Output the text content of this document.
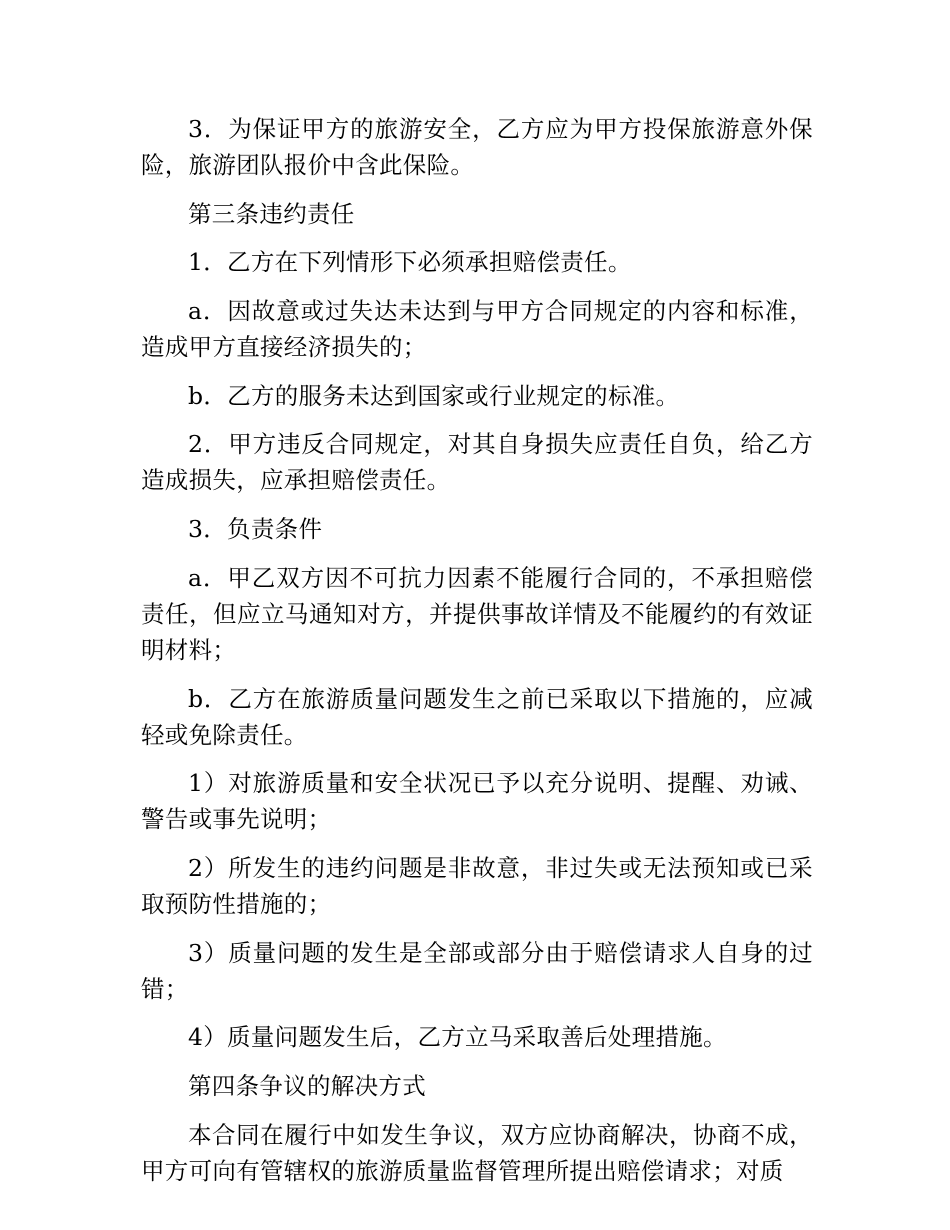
3．为保证甲方的旅游安全，乙方应为甲方投保旅游意外保险，旅游团队报价中含此保险。

第三条违约责任

1．乙方在下列情形下必须承担赔偿责任。

a．因故意或过失达未达到与甲方合同规定的内容和标准，造成甲方直接经济损失的；

b．乙方的服务未达到国家或行业规定的标准。

2．甲方违反合同规定，对其自身损失应责任自负，给乙方造成损失，应承担赔偿责任。

3．负责条件

a．甲乙双方因不可抗力因素不能履行合同的，不承担赔偿责任，但应立马通知对方，并提供事故详情及不能履约的有效证明材料；

b．乙方在旅游质量问题发生之前已采取以下措施的，应减轻或免除责任。

1）对旅游质量和安全状况已予以充分说明、提醒、劝诫、警告或事先说明；

2）所发生的违约问题是非故意，非过失或无法预知或已采取预防性措施的；

3）质量问题的发生是全部或部分由于赔偿请求人自身的过错；

4）质量问题发生后，乙方立马采取善后处理措施。

第四条争议的解决方式

本合同在履行中如发生争议，双方应协商解决，协商不成，甲方可向有管辖权的旅游质量监督管理所提出赔偿请求；对质
